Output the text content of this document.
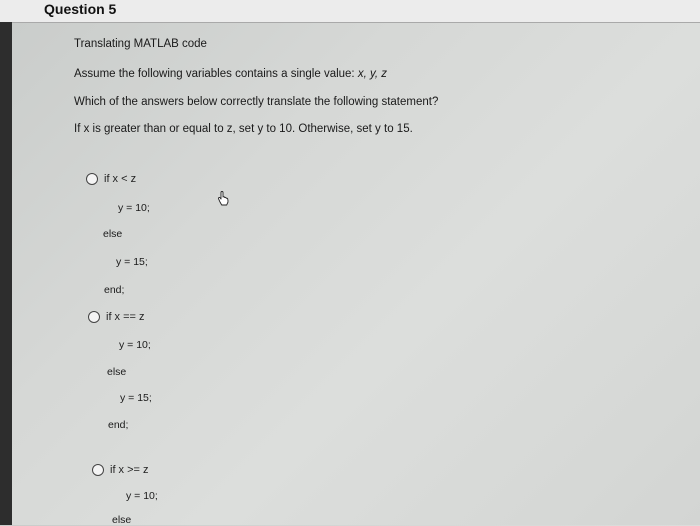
Question 5
Translating MATLAB code
Assume the following variables contains a single value: x, y, z
Which of the answers below correctly translate the following statement?
If x is greater than or equal to z, set y to 10. Otherwise, set y to 15.
if x < z
y = 10;
else
y = 15;
end;
if x == z
y = 10;
else
y = 15;
end;
if x >= z
y = 10;
else
